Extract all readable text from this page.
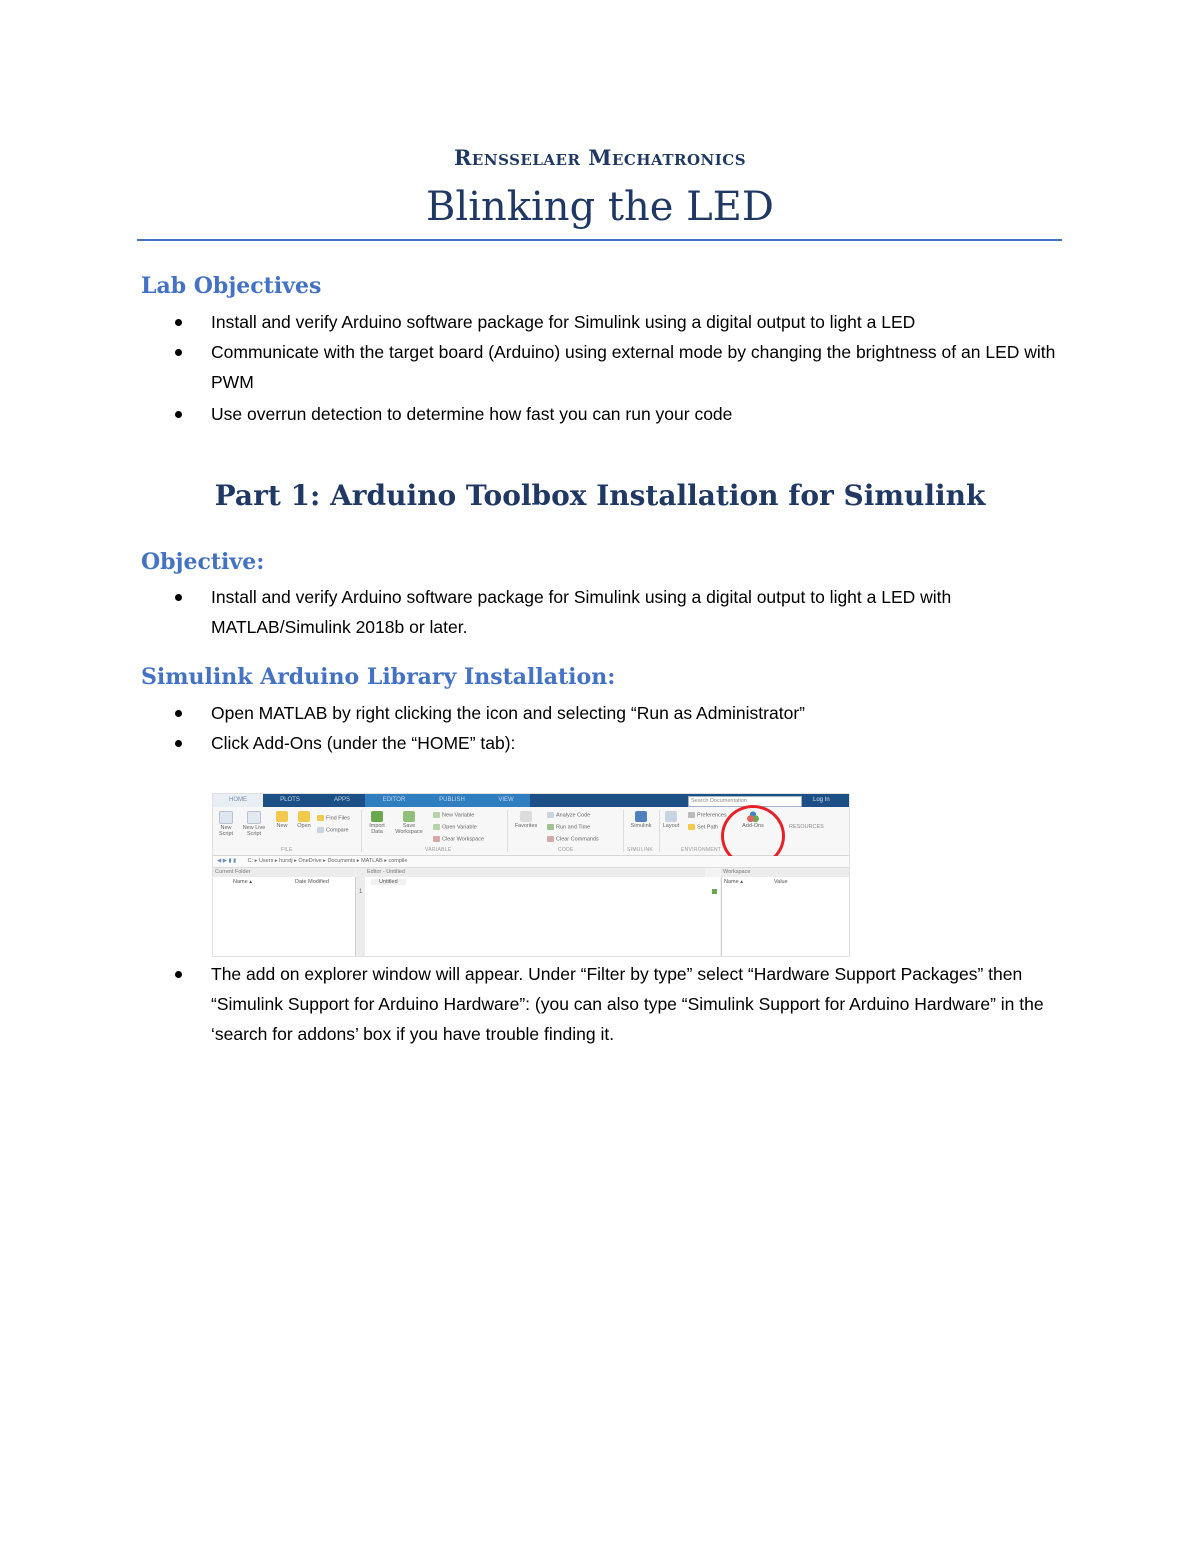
Rensselaer Mechatronics
Blinking the LED
Lab Objectives
Install and verify Arduino software package for Simulink using a digital output to light a LED
Communicate with the target board (Arduino) using external mode by changing the brightness of an LED with PWM
Use overrun detection to determine how fast you can run your code
Part 1: Arduino Toolbox Installation for Simulink
Objective:
Install and verify Arduino software package for Simulink using a digital output to light a LED with MATLAB/Simulink 2018b or later.
Simulink Arduino Library Installation:
Open MATLAB by right clicking the icon and selecting “Run as Administrator”
Click Add-Ons (under the “HOME” tab):
HOME	PLOTS	APPS	EDITOR	PUBLISH	VIEW	Search Documentation	Log In
New Script
New Live Script
New	Open
Find Files
Compare
FILE
Import Data
Save Workspace
New Variable
Open Variable
Clear Workspace
VARIABLE
Favorites
Analyze Code
Run and Time
Clear Commands
CODE
Simulink
SIMULINK
Layout
Preferences
Set Path	Add-Ons
ENVIRONMENT
RESOURCES
◀ ▶ ▮ ▮ C: ▸ Users ▸ hurstj ▸ OneDrive ▸ Documents ▸ MATLAB ▸ compile
Current Folder
Name ▴	Date Modified
Editor - Untitled
Untitled
1
Workspace
Name ▴	Value
The add on explorer window will appear. Under “Filter by type” select “Hardware Support Packages” then “Simulink Support for Arduino Hardware”: (you can also type “Simulink Support for Arduino Hardware” in the ‘search for addons’ box if you have trouble finding it.
